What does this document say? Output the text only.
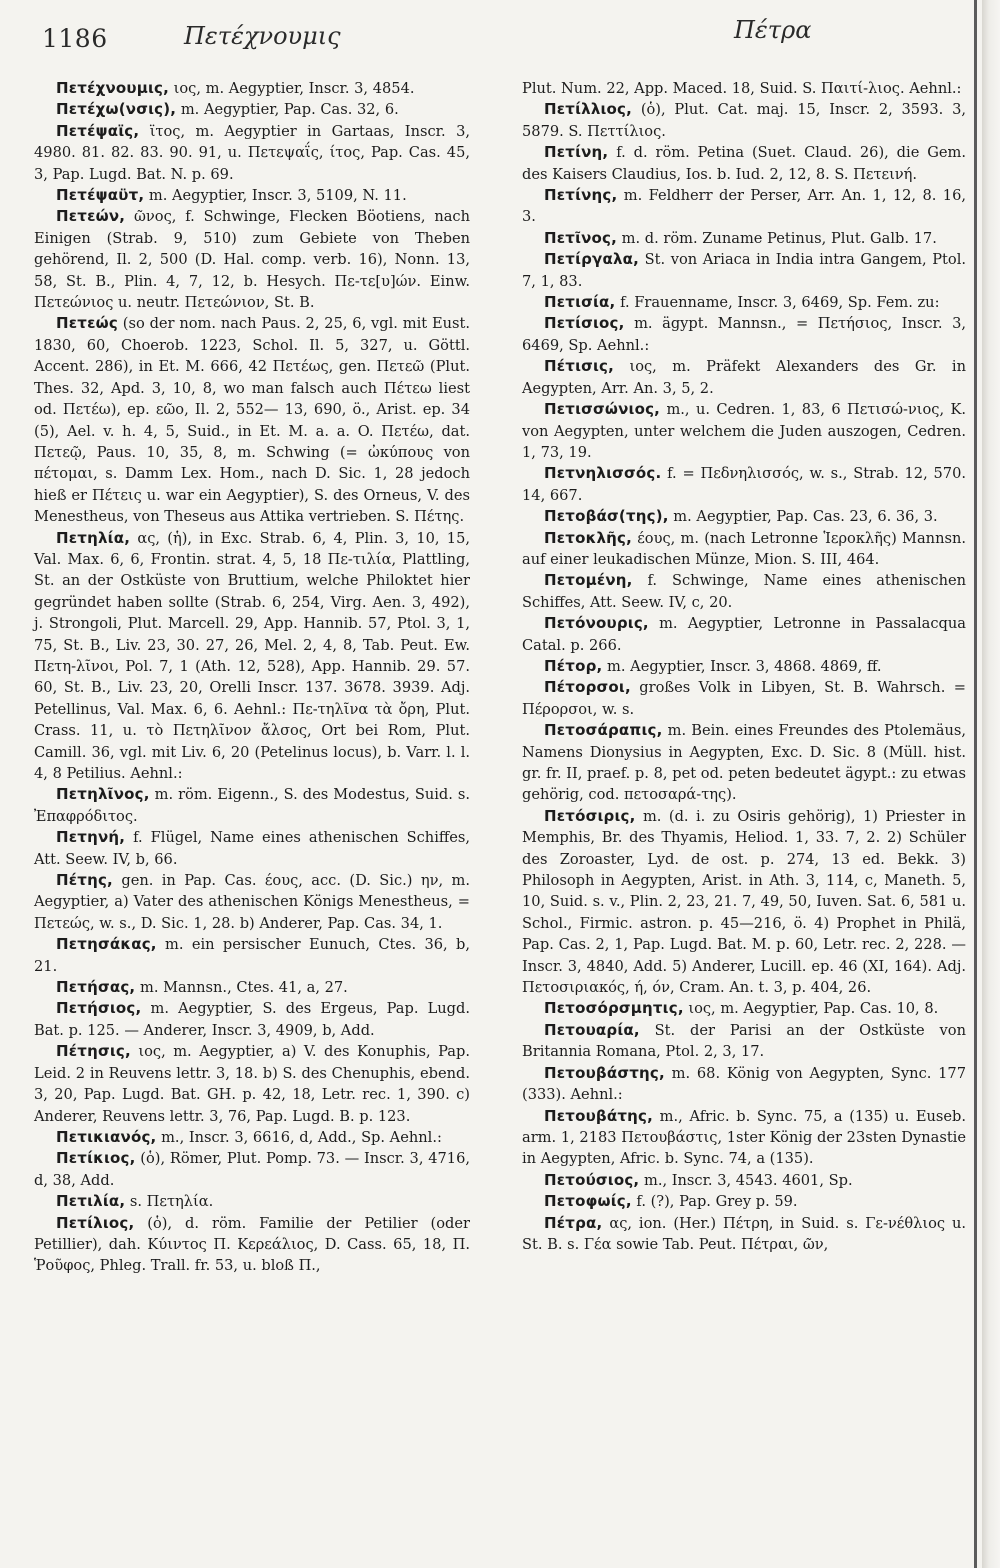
1186	Πετέχνουμις	Πέτρα

Πετέχνουμις, ιος, m. Aegyptier, Inscr. 3, 4854.

Πετέχω(νσις), m. Aegyptier, Pap. Cas. 32, 6.

Πετέψαϊς, ϊτος, m. Aegyptier in Gartaas, Inscr. 3, 4980. 81. 82. 83. 90. 91, u. Πετεψαΐς, ίτος, Pap. Cas. 45, 3, Pap. Lugd. Bat. N. p. 69.

Πετέψαϋτ, m. Aegyptier, Inscr. 3, 5109, N. 11.

Πετεών, ῶνος, f. Schwinge, Flecken Böotiens, nach Einigen (Strab. 9, 510) zum Gebiete von Theben gehörend, Il. 2, 500 (D. Hal. comp. verb. 16), Nonn. 13, 58, St. B., Plin. 4, 7, 12, b. Hesych. Πε-τε[υ]ών. Einw. Πετεώνιος u. neutr. Πετεώνιον, St. B.

Πετεώς (so der nom. nach Paus. 2, 25, 6, vgl. mit Eust. 1830, 60, Choerob. 1223, Schol. Il. 5, 327, u. Göttl. Accent. 286), in Et. M. 666, 42 Πετέως, gen. Πετεῶ (Plut. Thes. 32, Apd. 3, 10, 8, wo man falsch auch Πέτεω liest od. Πετέω), ep. εῶο, Il. 2, 552— 13, 690, ö., Arist. ep. 34 (5), Ael. v. h. 4, 5, Suid., in Et. M. a. a. O. Πετέω, dat. Πετεῷ, Paus. 10, 35, 8, m. Schwing (= ὠκύπους von πέτομαι, s. Damm Lex. Hom., nach D. Sic. 1, 28 jedoch hieß er Πέτεις u. war ein Aegyptier), S. des Orneus, V. des Menestheus, von Theseus aus Attika vertrieben. S. Πέτης.

Πετηλία, ας, (ἡ), in Exc. Strab. 6, 4, Plin. 3, 10, 15, Val. Max. 6, 6, Frontin. strat. 4, 5, 18 Πε-τιλία, Plattling, St. an der Ostküste von Bruttium, welche Philoktet hier gegründet haben sollte (Strab. 6, 254, Virg. Aen. 3, 492), j. Strongoli, Plut. Marcell. 29, App. Hannib. 57, Ptol. 3, 1, 75, St. B., Liv. 23, 30. 27, 26, Mel. 2, 4, 8, Tab. Peut. Ew. Πετη-λῖνοι, Pol. 7, 1 (Ath. 12, 528), App. Hannib. 29. 57. 60, St. B., Liv. 23, 20, Orelli Inscr. 137. 3678. 3939. Adj. Petellinus, Val. Max. 6, 6. Aehnl.: Πε-τηλῖνα τὰ ὄρη, Plut. Crass. 11, u. τὸ Πετηλῖνον ἄλσος, Ort bei Rom, Plut. Camill. 36, vgl. mit Liv. 6, 20 (Petelinus locus), b. Varr. l. l. 4, 8 Petilius. Aehnl.:

Πετηλῖνος, m. röm. Eigenn., S. des Modestus, Suid. s. Ἐπαφρόδιτος.

Πετηνή, f. Flügel, Name eines athenischen Schiffes, Att. Seew. IV, b, 66.

Πέτης, gen. in Pap. Cas. έους, acc. (D. Sic.) ην, m. Aegyptier, a) Vater des athenischen Königs Menestheus, = Πετεώς, w. s., D. Sic. 1, 28. b) Anderer, Pap. Cas. 34, 1.

Πετησάκας, m. ein persischer Eunuch, Ctes. 36, b, 21.

Πετήσας, m. Mannsn., Ctes. 41, a, 27.

Πετήσιος, m. Aegyptier, S. des Ergeus, Pap. Lugd. Bat. p. 125. — Anderer, Inscr. 3, 4909, b, Add.

Πέτησις, ιος, m. Aegyptier, a) V. des Konuphis, Pap. Leid. 2 in Reuvens lettr. 3, 18. b) S. des Chenuphis, ebend. 3, 20, Pap. Lugd. Bat. GH. p. 42, 18, Letr. rec. 1, 390. c) Anderer, Reuvens lettr. 3, 76, Pap. Lugd. B. p. 123.

Πετικιανός, m., Inscr. 3, 6616, d, Add., Sp. Aehnl.:

Πετίκιος, (ὁ), Römer, Plut. Pomp. 73. — Inscr. 3, 4716, d, 38, Add.

Πετιλία, s. Πετηλία.

Πετίλιος, (ὁ), d. röm. Familie der Petilier (oder Petillier), dah. Κύιντος Π. Κερεάλιος, D. Cass. 65, 18, Π. Ῥοῦφος, Phleg. Trall. fr. 53, u. bloß Π.,

Plut. Num. 22, App. Maced. 18, Suid. S. Παιτί-λιος. Aehnl.:

Πετίλλιος, (ὁ), Plut. Cat. maj. 15, Inscr. 2, 3593. 3, 5879. S. Πεττίλιος.

Πετίνη, f. d. röm. Petina (Suet. Claud. 26), die Gem. des Kaisers Claudius, Ios. b. Iud. 2, 12, 8. S. Πετεινή.

Πετίνης, m. Feldherr der Perser, Arr. An. 1, 12, 8. 16, 3.

Πετῖνος, m. d. röm. Zuname Petinus, Plut. Galb. 17.

Πετίργαλα, St. von Ariaca in India intra Gangem, Ptol. 7, 1, 83.

Πετισία, f. Frauenname, Inscr. 3, 6469, Sp. Fem. zu:

Πετίσιος, m. ägypt. Mannsn., = Πετήσιος, Inscr. 3, 6469, Sp. Aehnl.:

Πέτισις, ιος, m. Präfekt Alexanders des Gr. in Aegypten, Arr. An. 3, 5, 2.

Πετισσώνιος, m., u. Cedren. 1, 83, 6 Πετισώ-νιος, K. von Aegypten, unter welchem die Juden auszogen, Cedren. 1, 73, 19.

Πετνηλισσός. f. = Πεδνηλισσός, w. s., Strab. 12, 570. 14, 667.

Πετοβάσ(της), m. Aegyptier, Pap. Cas. 23, 6. 36, 3.

Πετοκλῆς, έους, m. (nach Letronne Ἱεροκλῆς) Mannsn. auf einer leukadischen Münze, Mion. S. III, 464.

Πετομένη, f. Schwinge, Name eines athenischen Schiffes, Att. Seew. IV, c, 20.

Πετόνουρις, m. Aegyptier, Letronne in Passalacqua Catal. p. 266.

Πέτορ, m. Aegyptier, Inscr. 3, 4868. 4869, ff.

Πέτορσοι, großes Volk in Libyen, St. B. Wahrsch. = Πέρορσοι, w. s.

Πετοσάραπις, m. Bein. eines Freundes des Ptolemäus, Namens Dionysius in Aegypten, Exc. D. Sic. 8 (Müll. hist. gr. fr. II, praef. p. 8, pet od. peten bedeutet ägypt.: zu etwas gehörig, cod. πετοσαρά-της).

Πετόσιρις, m. (d. i. zu Osiris gehörig), 1) Priester in Memphis, Br. des Thyamis, Heliod. 1, 33. 7, 2. 2) Schüler des Zoroaster, Lyd. de ost. p. 274, 13 ed. Bekk. 3) Philosoph in Aegypten, Arist. in Ath. 3, 114, c, Maneth. 5, 10, Suid. s. v., Plin. 2, 23, 21. 7, 49, 50, Iuven. Sat. 6, 581 u. Schol., Firmic. astron. p. 45—216, ö. 4) Prophet in Philä, Pap. Cas. 2, 1, Pap. Lugd. Bat. M. p. 60, Letr. rec. 2, 228. — Inscr. 3, 4840, Add. 5) Anderer, Lucill. ep. 46 (XI, 164). Adj. Πετοσιριακός, ή, όν, Cram. An. t. 3, p. 404, 26.

Πετοσόρσμητις, ιος, m. Aegyptier, Pap. Cas. 10, 8.

Πετουαρία, St. der Parisi an der Ostküste von Britannia Romana, Ptol. 2, 3, 17.

Πετουβάστης, m. 68. König von Aegypten, Sync. 177 (333). Aehnl.:

Πετουβάτης, m., Afric. b. Sync. 75, a (135) u. Euseb. arm. 1, 2183 Πετουβάστις, 1ster König der 23sten Dynastie in Aegypten, Afric. b. Sync. 74, a (135).

Πετούσιος, m., Inscr. 3, 4543. 4601, Sp.

Πετοφωίς, f. (?), Pap. Grey p. 59.

Πέτρα, ας, ion. (Her.) Πέτρη, in Suid. s. Γε-νέθλιος u. St. B. s. Γέα sowie Tab. Peut. Πέτραι, ῶν,
